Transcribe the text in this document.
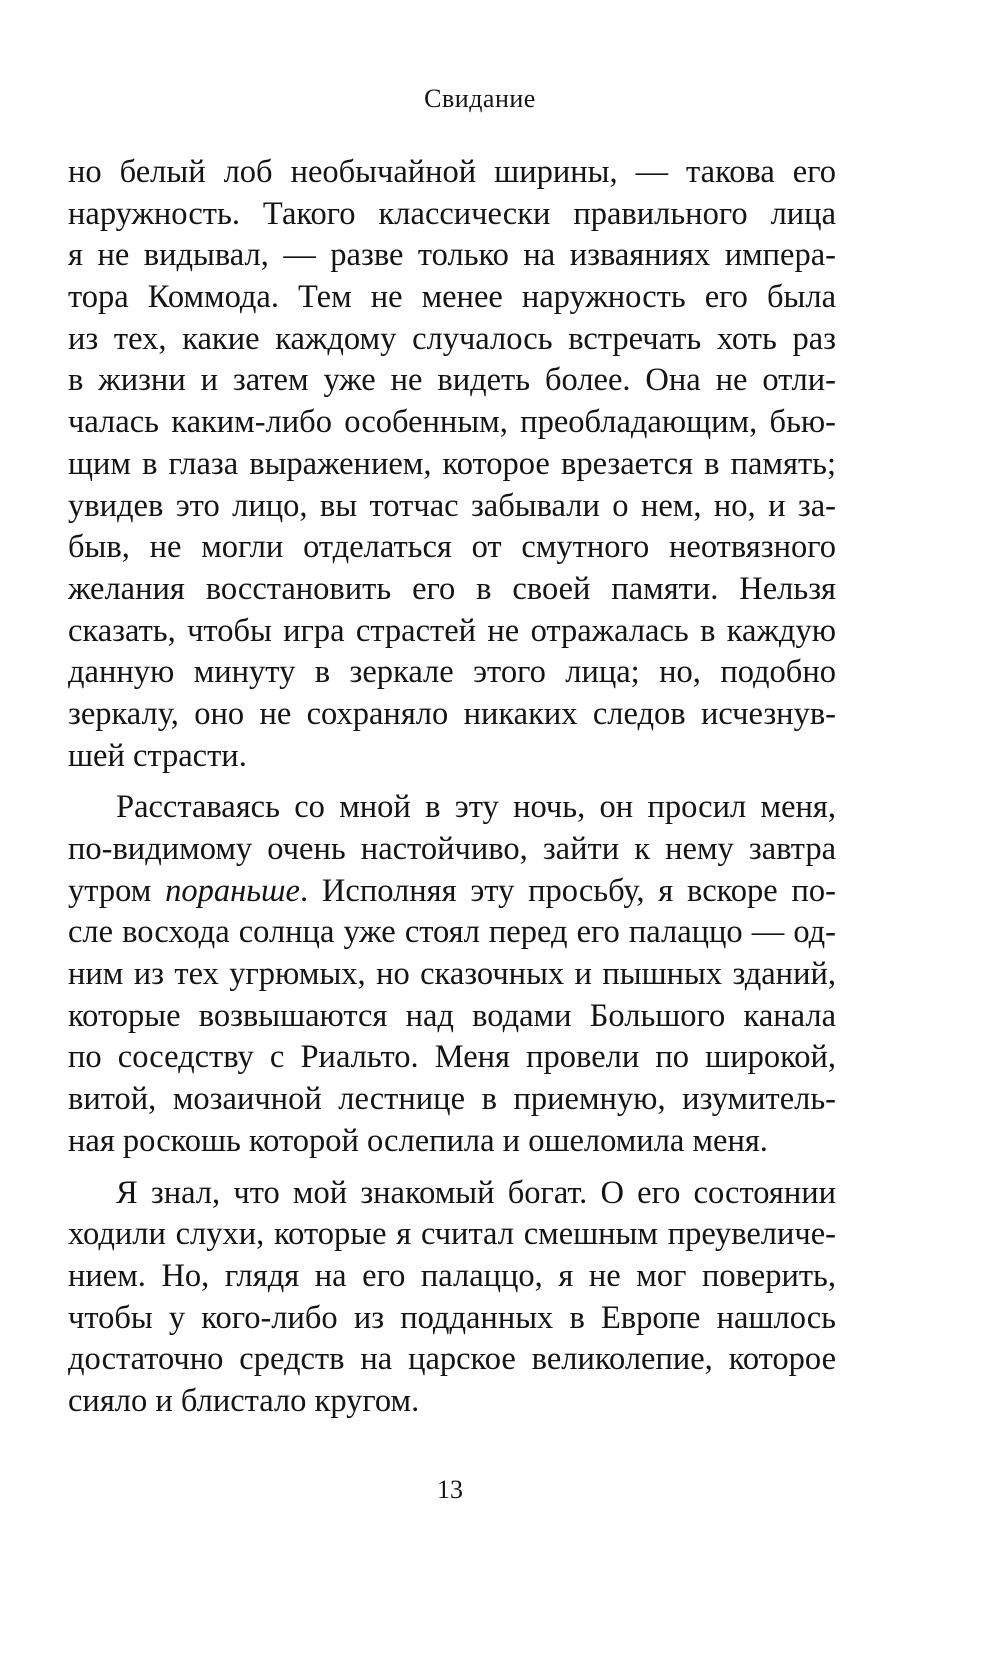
Свидание
но белый лоб необычайной ширины, — такова его
наружность. Такого классически правильного лица
я не видывал, — разве только на изваяниях импера-
тора Коммода. Тем не менее наружность его была
из тех, какие каждому случалось встречать хоть раз
в жизни и затем уже не видеть более. Она не отли-
чалась каким-либо особенным, преобладающим, бью-
щим в глаза выражением, которое врезается в память;
увидев это лицо, вы тотчас забывали о нем, но, и за-
быв, не могли отделаться от смутного неотвязного
желания восстановить его в своей памяти. Нельзя
сказать, чтобы игра страстей не отражалась в каждую
данную минуту в зеркале этого лица; но, подобно
зеркалу, оно не сохраняло никаких следов исчезнув-
шей страсти.
Расставаясь со мной в эту ночь, он просил меня,
по-видимому очень настойчиво, зайти к нему завтра
утром пораньше. Исполняя эту просьбу, я вскоре по-
сле восхода солнца уже стоял перед его палаццо — од-
ним из тех угрюмых, но сказочных и пышных зданий,
которые возвышаются над водами Большого канала
по соседству с Риальто. Меня провели по широкой,
витой, мозаичной лестнице в приемную, изумитель-
ная роскошь которой ослепила и ошеломила меня.
Я знал, что мой знакомый богат. О его состоянии
ходили слухи, которые я считал смешным преувеличе-
нием. Но, глядя на его палаццо, я не мог поверить,
чтобы у кого-либо из подданных в Европе нашлось
достаточно средств на царское великолепие, которое
сияло и блистало кругом.
13
